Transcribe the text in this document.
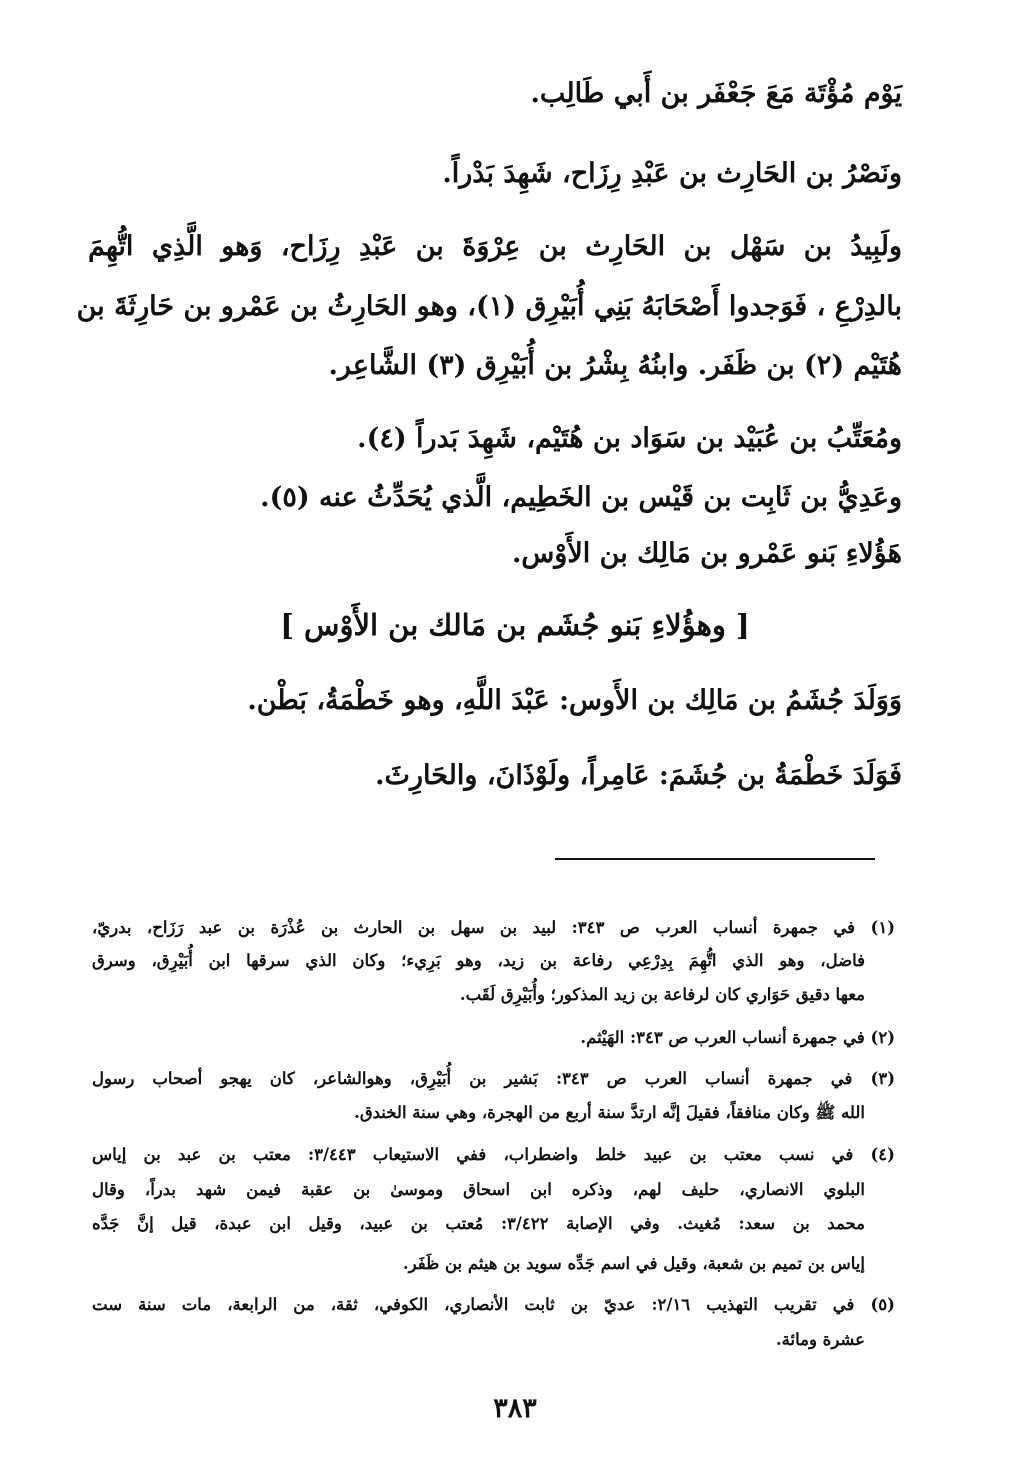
يَوْم مُؤْتَة مَعَ جَعْفَر بن أَبي طَالِب.
ونَصْرُ بن الحَارِث بن عَبْدِ رِزَاح، شَهِدَ بَدْراً.
ولَبِيدُ بن سَهْل بن الحَارِث بن عِرْوَةَ بن عَبْدِ رِزَاح، وَهو الَّذِي اتُّهِمَ
بالدِرْعِ ، فَوَجدوا أَصْحَابَهُ بَنِي أُبَيْرِق (١)، وهو الحَارِثُ بن عَمْرو بن حَارِثَةَ بن
هُتَيْم (٢) بن ظَفَر. وابنُهُ بِشْرُ بن أُبَيْرِق (٣) الشَّاعِر.
ومُعَتِّبُ بن عُبَيْد بن سَوَاد بن هُتَيْم، شَهِدَ بَدراً (٤).
وعَدِيُّ بن ثَابِت بن قَيْس بن الخَطِيم، الَّذي يُحَدِّثُ عنه (٥).
هَؤُلاءِ بَنو عَمْرو بن مَالِك بن الأَوْس.
[ وهؤُلاءِ بَنو جُشَم بن مَالك بن الأَوْس ]
وَوَلَدَ جُشَمُ بن مَالِك بن الأَوس: عَبْدَ اللَّهِ، وهو خَطْمَةُ، بَطْن.
فَوَلَدَ خَطْمَةُ بن جُشَمَ: عَامِراً، ولَوْذَانَ، والحَارِثَ.
(١) في جمهرة أنساب العرب ص ٣٤٣: لبيد بن سهل بن الحارث بن عُذْرَة بن عبد رَزَاح، بدريّ،
فاضل، وهو الذي اتُّهِمَ بِدِرْعِي رفاعة بن زيد، وهو بَرِيء؛ وكان الذي سرقها ابن أُبَيْرِق، وسرق
معها دقيق حَوَاري كان لرفاعة بن زيد المذكور؛ وأُبَيْرِق لَقَب.
(٢) في جمهرة أنساب العرب ص ٣٤٣: الهَيْثم.
(٣) في جمهرة أنساب العرب ص ٣٤٣: بَشير بن أُبَيْرِق، وهوالشاعر، كان يهجو أصحاب رسول
الله ﷺ وكان منافقاً، فقيلَ إنَّه ارتدَّ سنة أربع من الهجرة، وهي سنة الخندق.
(٤) في نسب معتب بن عبيد خلط واضطراب، ففي الاستيعاب ٣/٤٤٣: معتب بن عبد بن إياس
البلوي الانصاري، حليف لهم، وذكره ابن اسحاق وموسىٰ بن عقبة فيمن شهد بدراً، وقال
محمد بن سعد: مُغيث. وفي الإصابة ٣/٤٢٢: مُعتب بن عبيد، وقيل ابن عبدة، قيل إنَّ جَدَّه
إياس بن تميم بن شعبة، وقيل في اسم جَدِّه سويد بن هيثم بن ظَفَر.
(٥) في تقريب التهذيب ٢/١٦: عديّ بن ثابت الأنصاري، الكوفي، ثقة، من الرابعة، مات سنة ست
عشرة ومائة.
٣٨٣
